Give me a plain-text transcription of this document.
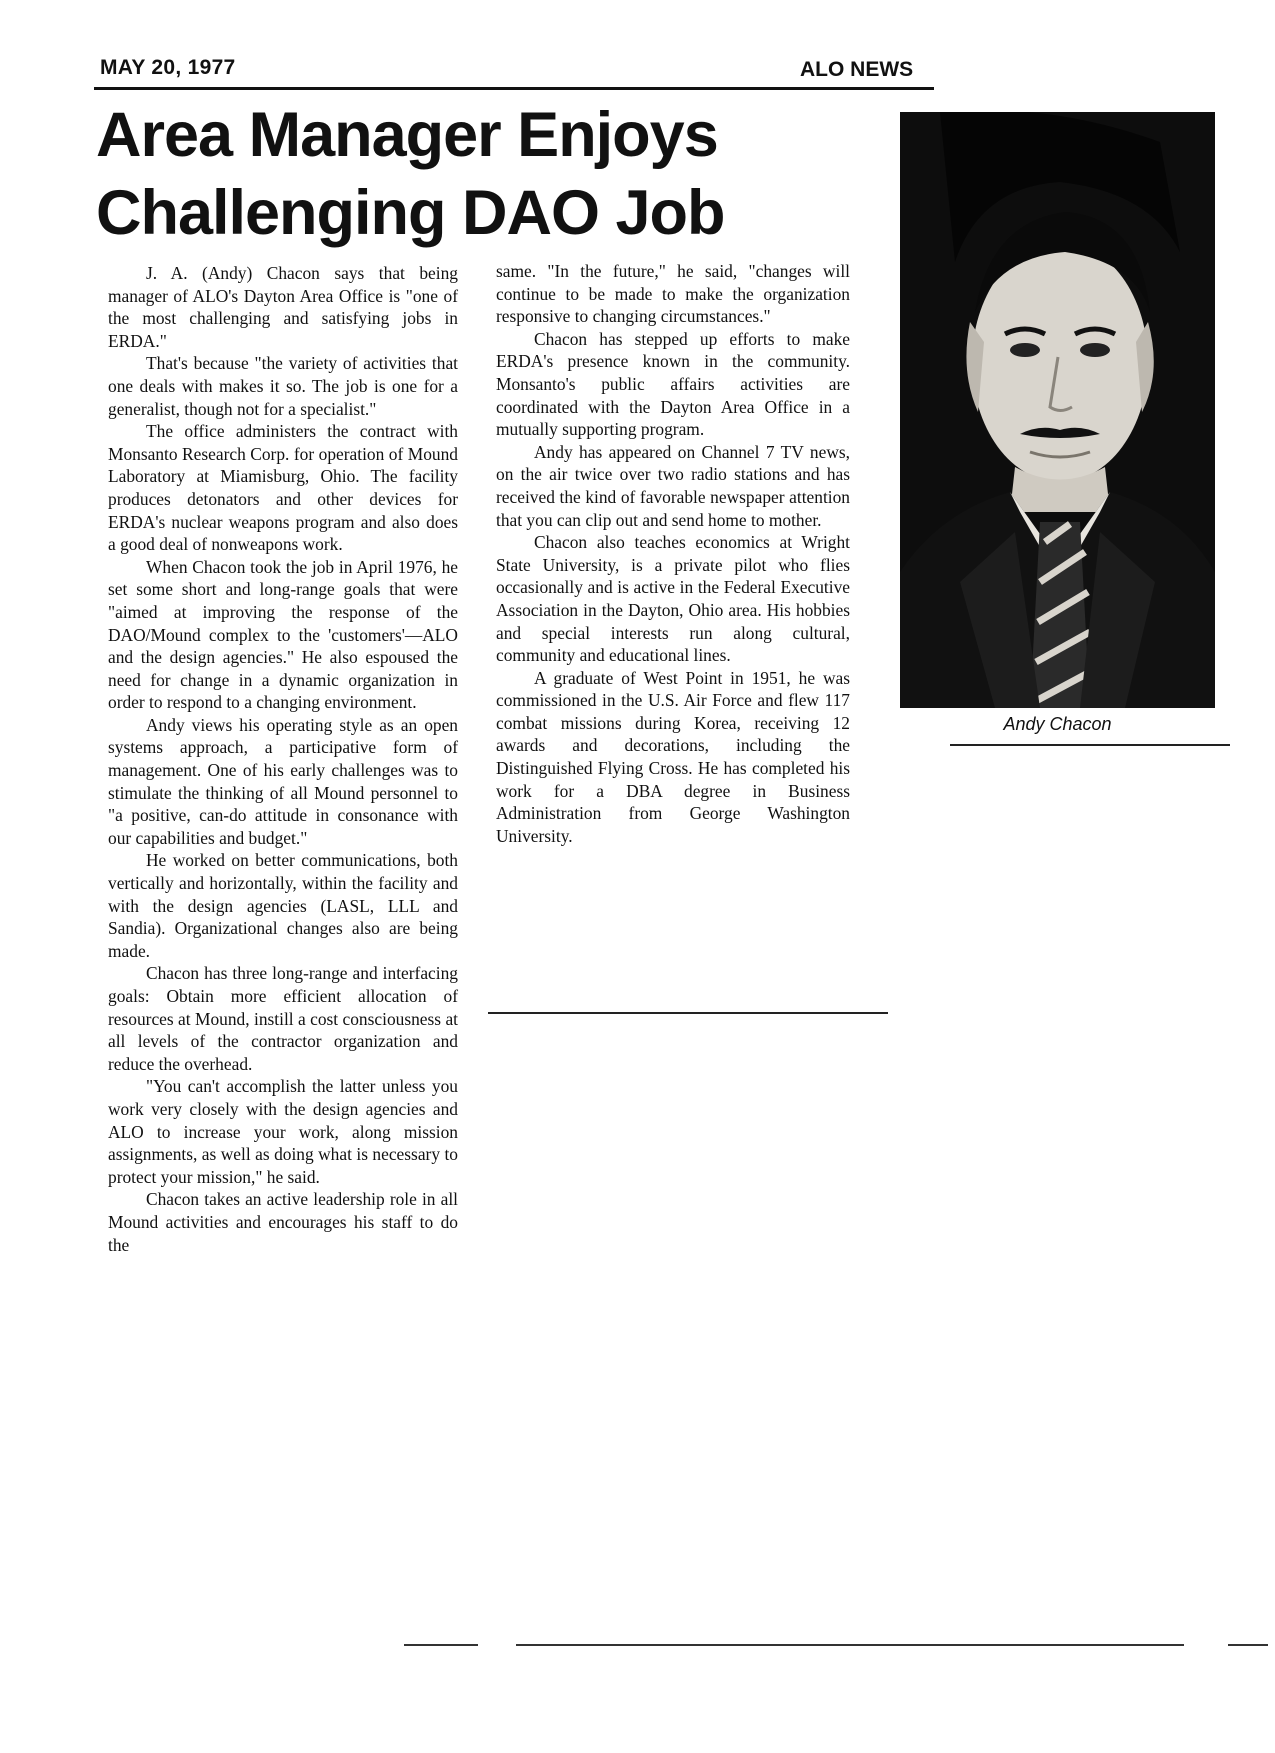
MAY 20, 1977	ALO NEWS
Area Manager Enjoys
Challenging DAO Job

J. A. (Andy) Chacon says that being manager of ALO's Dayton Area Office is "one of the most challenging and satisfying jobs in ERDA."

That's because "the variety of activities that one deals with makes it so. The job is one for a generalist, though not for a specialist."

The office administers the contract with Monsanto Research Corp. for operation of Mound Laboratory at Miamisburg, Ohio. The facility produces detonators and other devices for ERDA's nuclear weapons program and also does a good deal of nonweapons work.

When Chacon took the job in April 1976, he set some short and long-range goals that were "aimed at improving the response of the DAO/Mound complex to the 'customers'—ALO and the design agencies." He also espoused the need for change in a dynamic organization in order to respond to a changing environment.

Andy views his operating style as an open systems approach, a participative form of management. One of his early challenges was to stimulate the thinking of all Mound personnel to "a positive, can-do attitude in consonance with our capabilities and budget."

He worked on better communications, both vertically and horizontally, within the facility and with the design agencies (LASL, LLL and Sandia). Organizational changes also are being made.

Chacon has three long-range and interfacing goals: Obtain more efficient allocation of resources at Mound, instill a cost consciousness at all levels of the contractor organization and reduce the overhead.

"You can't accomplish the latter unless you work very closely with the design agencies and ALO to increase your work, along mission assignments, as well as doing what is necessary to protect your mission," he said.

Chacon takes an active leadership role in all Mound activities and encourages his staff to do the

same. "In the future," he said, "changes will continue to be made to make the organization responsive to changing circumstances."

Chacon has stepped up efforts to make ERDA's presence known in the community. Monsanto's public affairs activities are coordinated with the Dayton Area Office in a mutually supporting program.

Andy has appeared on Channel 7 TV news, on the air twice over two radio stations and has received the kind of favorable newspaper attention that you can clip out and send home to mother.

Chacon also teaches economics at Wright State University, is a private pilot who flies occasionally and is active in the Federal Executive Association in the Dayton, Ohio area. His hobbies and special interests run along cultural, community and educational lines.

A graduate of West Point in 1951, he was commissioned in the U.S. Air Force and flew 117 combat missions during Korea, receiving 12 awards and decorations, including the Distinguished Flying Cross. He has completed his work for a DBA degree in Business Administration from George Washington University.

Andy Chacon
